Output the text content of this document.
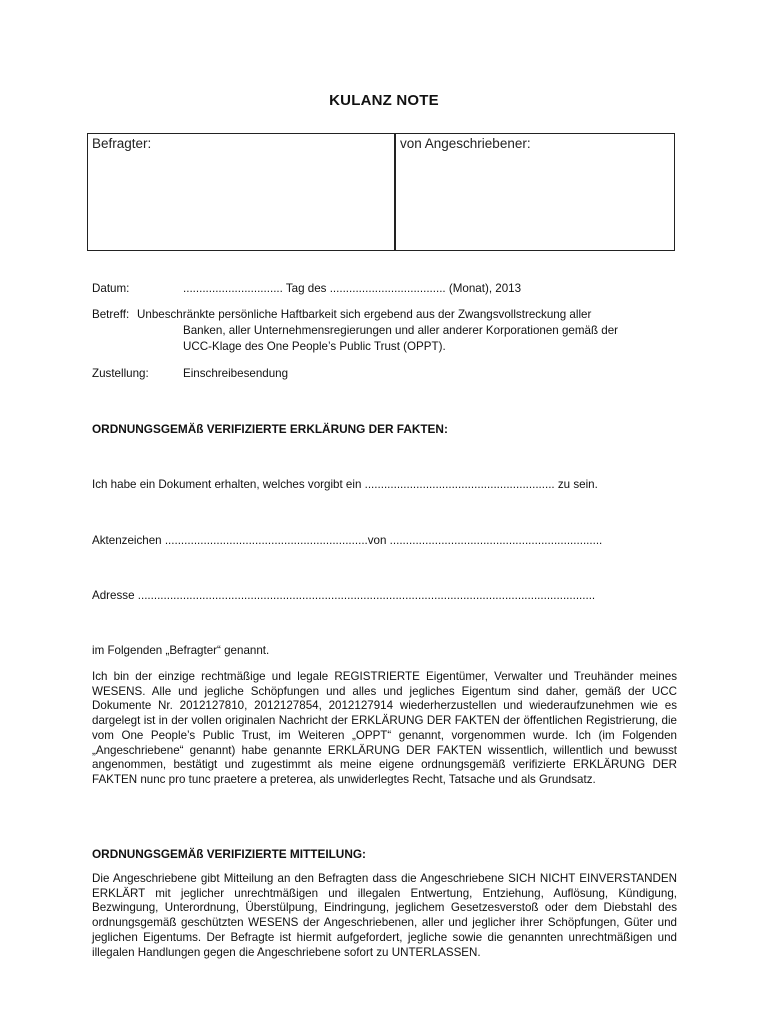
KULANZ NOTE
Befragter:	von Angeschriebener:
Datum:	............................... Tag des .................................... (Monat), 2013
Betreff: Unbeschränkte persönliche Haftbarkeit sich ergebend aus der Zwangsvollstreckung aller
Banken, aller Unternehmensregierungen und aller anderer Korporationen gemäß der
UCC-Klage des One People’s Public Trust (OPPT).
Zustellung:	Einschreibesendung
ORDNUNGSGEMÄß VERIFIZIERTE ERKLÄRUNG DER FAKTEN:
Ich habe ein Dokument erhalten, welches vorgibt ein ........................................................... zu sein.
Aktenzeichen ...............................................................von ..................................................................
Adresse ..............................................................................................................................................
im Folgenden „Befragter“ genannt.
Ich bin der einzige rechtmäßige und legale REGISTRIERTE Eigentümer, Verwalter und Treuhänder meines WESENS. Alle und jegliche Schöpfungen und alles und jegliches Eigentum sind daher, gemäß der UCC Dokumente Nr. 2012127810, 2012127854, 2012127914 wiederherzustellen und wiederaufzunehmen wie es dargelegt ist in der vollen originalen Nachricht der ERKLÄRUNG DER FAKTEN der öffentlichen Registrierung, die vom One People’s Public Trust, im Weiteren „OPPT“ genannt, vorgenommen wurde. Ich (im Folgenden „Angeschriebene“ genannt) habe genannte ERKLÄRUNG DER FAKTEN wissentlich, willentlich und bewusst angenommen, bestätigt und zugestimmt als meine eigene ordnungsgemäß verifizierte ERKLÄRUNG DER FAKTEN nunc pro tunc praetere a preterea, als unwiderlegtes Recht, Tatsache und als Grundsatz.
ORDNUNGSGEMÄß VERIFIZIERTE MITTEILUNG:
Die Angeschriebene gibt Mitteilung an den Befragten dass die Angeschriebene SICH NICHT EINVERSTANDEN ERKLÄRT mit jeglicher unrechtmäßigen und illegalen Entwertung, Entziehung, Auflösung, Kündigung, Bezwingung, Unterordnung, Überstülpung, Eindringung, jeglichem Gesetzesverstoß oder dem Diebstahl des ordnungsgemäß geschützten WESENS der Angeschriebenen, aller und jeglicher ihrer Schöpfungen, Güter und jeglichen Eigentums. Der Befragte ist hiermit aufgefordert, jegliche sowie die genannten unrechtmäßigen und illegalen Handlungen gegen die Angeschriebene sofort zu UNTERLASSEN.
